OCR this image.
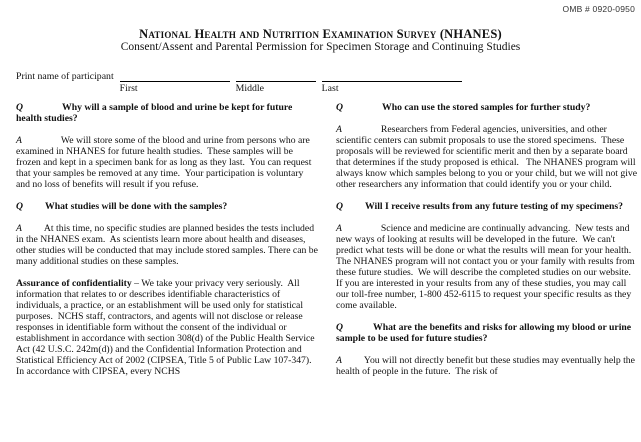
OMB # 0920-0950
National Health and Nutrition Examination Survey (NHANES)
Consent/Assent and Parental Permission for Specimen Storage and Continuing Studies
Print name of participant
First	Middle	Last

Q	Why will a sample of blood and urine be kept for future health studies?

A	We will store some of the blood and urine from persons who are examined in NHANES for future health studies.  These samples will be frozen and kept in a specimen bank for as long as they last.  You can request that your samples be removed at any time.  Your participation is voluntary and no loss of benefits will result if you refuse.

Q What studies will be done with the samples?

A At this time, no specific studies are planned besides the tests included in the NHANES exam.  As scientists learn more about health and diseases, other studies will be conducted that may include stored samples. There can be many additional studies on these samples.

Assurance of confidentiality – We take your privacy very seriously.  All information that relates to or describes identifiable characteristics of individuals, a practice, or an establishment will be used only for statistical purposes.  NCHS staff, contractors, and agents will not disclose or release responses in identifiable form without the consent of the individual or establishment in accordance with section 308(d) of the Public Health Service Act (42 U.S.C. 242m(d)) and the Confidential Information Protection and Statistical Efficiency Act of 2002 (CIPSEA, Title 5 of Public Law 107-347).  In accordance with CIPSEA, every NCHS

Q	Who can use the stored samples for further study?

A	Researchers from Federal agencies, universities, and other scientific centers can submit proposals to use the stored specimens.  These proposals will be reviewed for scientific merit and then by a separate board that determines if the study proposed is ethical.   The NHANES program will always know which samples belong to you or your child, but we will not give other researchers any information that could identify you or your child.

Q Will I receive results from any future testing of my specimens?

A	Science and medicine are continually advancing.  New tests and new ways of looking at results will be developed in the future.  We can't predict what tests will be done or what the results will mean for your health.  The NHANES program will not contact you or your family with results from these future studies.  We will describe the completed studies on our website.  If you are interested in your results from any of these studies, you may call our toll-free number, 1-800 452-6115 to request your specific results as they come available.

Q	What are the benefits and risks for allowing my blood or urine sample to be used for future studies?

A You will not directly benefit but these studies may eventually help the health of people in the future.  The risk of
